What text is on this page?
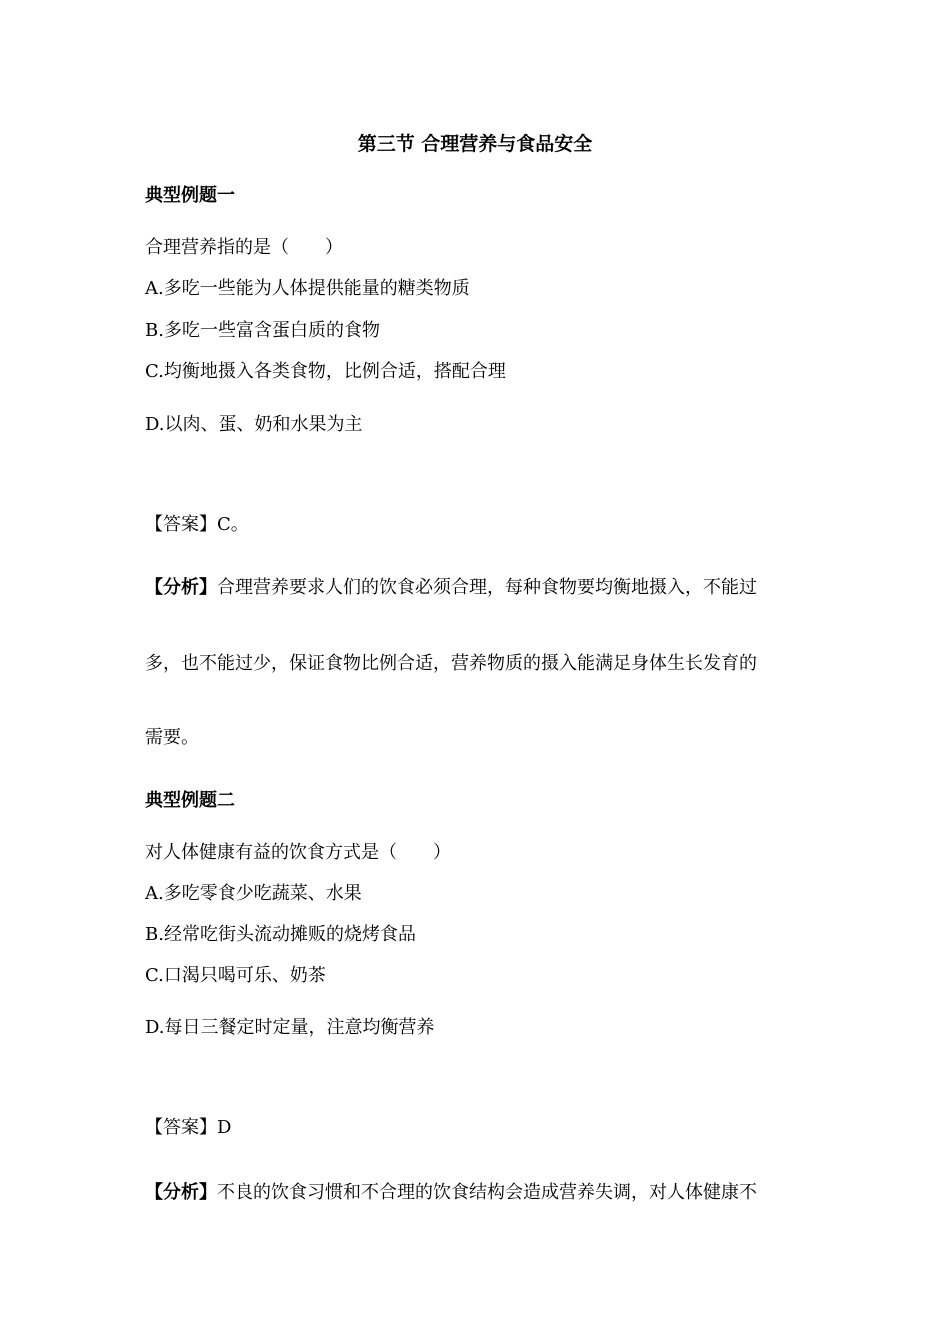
第三节 合理营养与食品安全
典型例题一
合理营养指的是（　　）
A.多吃一些能为人体提供能量的糖类物质
B.多吃一些富含蛋白质的食物
C.均衡地摄入各类食物，比例合适，搭配合理
D.以肉、蛋、奶和水果为主
【答案】C。
【分析】合理营养要求人们的饮食必须合理，每种食物要均衡地摄入，不能过
多，也不能过少，保证食物比例合适，营养物质的摄入能满足身体生长发育的
需要。
典型例题二
对人体健康有益的饮食方式是（　　）
A.多吃零食少吃蔬菜、水果
B.经常吃街头流动摊贩的烧烤食品
C.口渴只喝可乐、奶茶
D.每日三餐定时定量，注意均衡营养
【答案】D
【分析】不良的饮食习惯和不合理的饮食结构会造成营养失调，对人体健康不
